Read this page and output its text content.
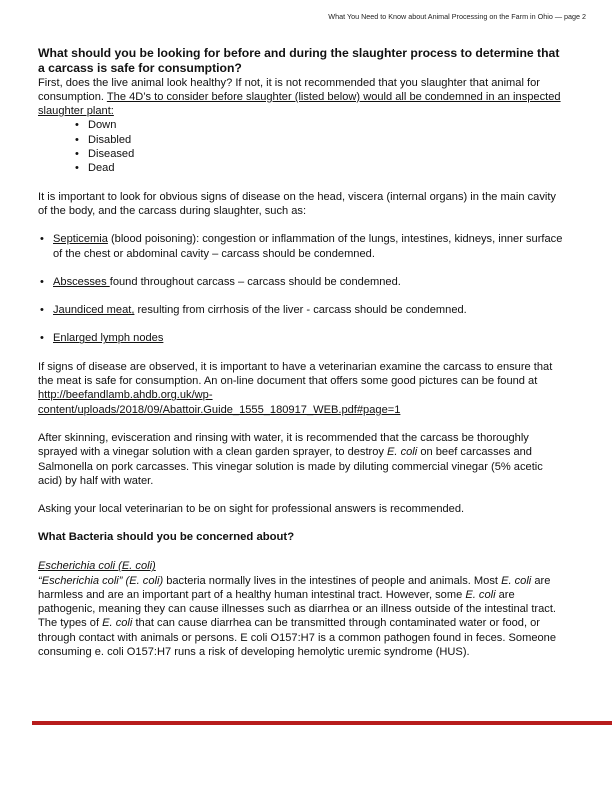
What You Need to Know about Animal Processing on the Farm in Ohio — page 2

What should you be looking for before and during the slaughter process to determine that a carcass is safe for consumption?

First, does the live animal look healthy? If not, it is not recommended that you slaughter that animal for consumption. The 4D’s to consider before slaughter (listed below) would all be condemned in an inspected slaughter plant:

• Down
• Disabled
• Diseased
• Dead

It is important to look for obvious signs of disease on the head, viscera (internal organs) in the main cavity of the body, and the carcass during slaughter, such as:

• Septicemia (blood poisoning): congestion or inflammation of the lungs, intestines, kidneys, inner surface of the chest or abdominal cavity – carcass should be condemned.
• Abscesses found throughout carcass – carcass should be condemned.
• Jaundiced meat, resulting from cirrhosis of the liver - carcass should be condemned.
• Enlarged lymph nodes

If signs of disease are observed, it is important to have a veterinarian examine the carcass to ensure that the meat is safe for consumption. An on-line document that offers some good pictures can be found at http://beefandlamb.ahdb.org.uk/wp-content/uploads/2018/09/Abattoir.Guide_1555_180917_WEB.pdf#page=1

After skinning, evisceration and rinsing with water, it is recommended that the carcass be thoroughly sprayed with a vinegar solution with a clean garden sprayer, to destroy E. coli on beef carcasses and Salmonella on pork carcasses. This vinegar solution is made by diluting commercial vinegar (5% acetic acid) by half with water.

Asking your local veterinarian to be on sight for professional answers is recommended.

What Bacteria should you be concerned about?

Escherichia coli (E. coli)

“Escherichia coli” (E. coli) bacteria normally lives in the intestines of people and animals. Most E. coli are harmless and are an important part of a healthy human intestinal tract. However, some E. coli are pathogenic, meaning they can cause illnesses such as diarrhea or an illness outside of the intestinal tract. The types of E. coli that can cause diarrhea can be transmitted through contaminated water or food, or through contact with animals or persons. E coli O157:H7 is a common pathogen found in feces. Someone consuming e. coli O157:H7 runs a risk of developing hemolytic uremic syndrome (HUS).
